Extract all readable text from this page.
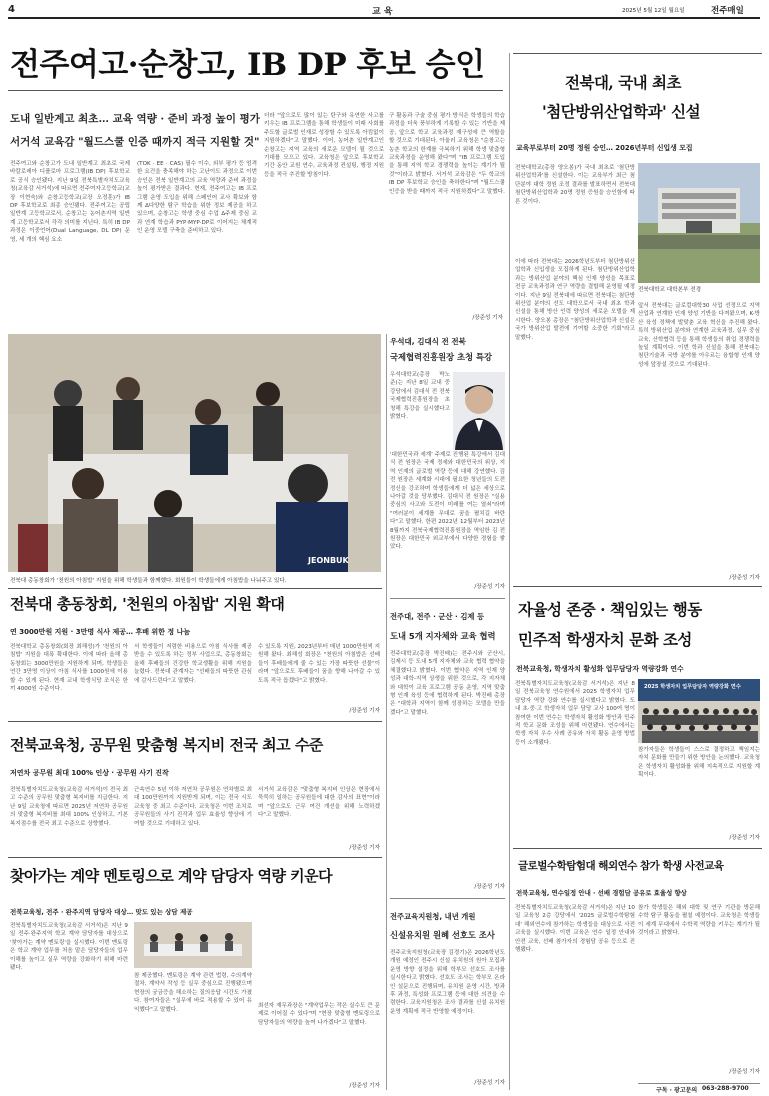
4	교 육	2025년 5월 12일 월요일	전주매일
전주여고·순창고, IB DP 후보 승인
도내 일반계고 최초… 교육 역량 · 준비 과정 높이 평가
서거석 교육감 "월드스쿨 인증 때까지 적극 지원할 것"
전주여고와 순창고가 도내 일반계고 최초로 국제 바칼로레아 디플로마 프로그램(IB DP) 후보학교로 공식 승인됐다. 지난 9일 전북특별자치도교육청(교육감 서거석)에 따르면 전주여자고등학교(교장 이현숙)와 순창고등학교(교장 오정훈)가 IB DP 후보학교로 최종 승인됐다. 전주여고는 공립 일반계 고등학교로서, 순창고는 농어촌지역 일반계 고등학교로서 각각 의미를 지닌다. 특히 IB DP 과정은 이중언어(Dual Language, DL DP) 운영, 세 개의 핵심 요소
(TOK · EE · CAS) 필수 이수, 외부 평가 등 엄격한 요건을 충족해야 하는 고난이도 과정으로 이번 승인은 전북 일반계고의 교육 역량과 준비 과정을 높이 평가받은 결과다. 현재, 전주여고는 IB 프로그램 운영 도입을 위해 스페인어 교사 확보와 함께 ∆다양한 탐구 학습을 위한 정보 제공을 하고 있으며, 순창고는 학생 중심 수업 ∆주제 중심 교과 연계 학습과 PYP·MYP·DP로 이어지는 체계적인 운영 모델 구축을 준비하고 있다.
더라 "앞으로도 많이 있는 탄구와 유연한 사고를 키우는 IB 프로그램을 통해 학생들이 미래 사회를 주도할 글로벌 인재로 성장할 수 있도록 아낌없이 지원하겠다"고 말했다. 이어, 농어촌 일반계고인 순창고는 지역 교육의 새로운 모델이 될 것으로 기대를 모으고 있다. 교육청은 앞으로 후보학교 기간 동안 교원 연수, 교육과정 컨설팅, 행정 지원 등을 적극 추진할 방침이다.
구 활동과 구술 중심 평가 방식은 학생들의 학습 과정을 더욱 풍부하게 기록할 수 있는 기반을 제공, 앞으로 학교 교육과정 재구성에 큰 역할을 할 것으로 기대된다. 아울러 교육청은 "순창고는 농촌 학교의 한계를 극복하기 위해 학생 맞춤형 교육과정을 운영해 왔다"며 "IB 프로그램 도입을 통해 지역 학교 경쟁력을 높이는 계기가 될 것"이라고 밝혔다. 서거석 교육감은 "두 학교의 IB DP 후보학교 승인을 축하한다"며 "월드스쿨 인증을 받을 때까지 적극 지원하겠다"고 말했다.
/장준성 기자
JEONBUK
전북대 총동창회가 '천원의 아침밥' 지원을 위해 학생들과 함께했다. 회원들이 학생들에게 아침밥을 나눠주고 있다.
전북대 총동창회, '천원의 아침밥' 지원 확대
연 3000만원 지원 · 3만명 식사 제공… 후배 위한 정 나눔
전북대학교 총동창회(회장 최해성)가 '천원의 아침밥' 지원을 대폭 확대한다. 이에 따라 올해 총동창회는 3000만원을 지원하게 되며, 학생들은 연간 3만명 이상이 아침 식사를 1000원에 이용할 수 있게 된다. 현재 교내 학생식당 조식은 한 끼 4000원 수준이다.
서 학생들이 저렴한 비용으로 아침 식사를 제공받을 수 있도록 하는 정부 사업으로, 총동창회는 올해 후배들의 건강한 학교생활을 위해 지원을 늘렸다. 전북대 관계자는 "선배들의 따뜻한 관심에 감사드린다"고 말했다.
수 있도록 지원, 2023년부터 매년 1000만원씩 지원해 왔다. 최해성 회장은 "천원의 아침밥은 선배들이 후배들에게 줄 수 있는 가장 따뜻한 선물"이라며 "앞으로도 후배들이 꿈을 향해 나아갈 수 있도록 적극 돕겠다"고 밝혔다.
/장준성 기자
전북교육청, 공무원 맞춤형 복지비 전국 최고 수준
저연차 공무원 최대 100% 인상 · 공무원 사기 진작
전북특별자치도교육청(교육감 서거석)이 전국 최고 수준의 공무원 맞춤형 복지비를 지급한다. 지난 9일 교육청에 따르면 2025년 저연차 공무원의 맞춤형 복지비를 최대 100% 인상하고, 기본 복지점수를 전국 최고 수준으로 상향했다.
근속연수 5년 이하 저연차 공무원은 연차별로 최대 100만원까지 지원받게 되며, 이는 전국 시도교육청 중 최고 수준이다. 교육청은 이번 조치로 공무원들의 사기 진작과 업무 효율성 향상에 기여할 것으로 기대하고 있다.
서거석 교육감은 "맞춤형 복지비 인상은 현장에서 묵묵히 일하는 공무원들에 대한 감사의 표현"이라며 "앞으로도 근무 여건 개선을 위해 노력하겠다"고 말했다.
/장준성 기자
찾아가는 계약 멘토링으로 계약 담당자 역량 키운다
전북교육청, 전주 · 완주지역 담당자 대상… 맞도 있는 상담 제공
전북특별자치도교육청(교육감 서거석)은 지난 9일 전주·완주지역 학교 계약 담당자를 대상으로 '찾아가는 계약 멘토링'을 실시했다. 이번 멘토링은 학교 계약 업무를 처음 맡은 담당자들의 업무 이해를 높이고 실무 역량을 강화하기 위해 마련됐다.
참 제공했다. 멘토링은 계약 관련 법령, 수의계약 절차, 계약서 작성 등 실무 중심으로 진행됐으며 현장의 궁금증을 해소하는 질의응답 시간도 가졌다. 참여자들은 "실무에 바로 적용할 수 있어 유익했다"고 말했다.
최선자 재무과장은 "계약업무는 작은 실수도 큰 문제로 이어질 수 있다"며 "현장 맞춤형 멘토링으로 담당자들의 역량을 높여 나가겠다"고 말했다.
/장준성 기자
우석대, 김대식 전 전북
국제협력진흥원장 초청 특강
우석대학교(총장 박노준)는 지난 8일 교내 중강당에서 김대식 전 전북국제협력진흥원장을 초청해 특강을 실시했다고 밝혔다.
'대한민국과 세계' 주제로 진행된 특강에서 김대식 전 원장은 국제 정세와 대한민국의 위상, 지역 인재의 글로벌 역량 등에 대해 강연했다. 김 전 원장은 세계화 시대에 필요한 청년들의 도전 정신을 강조하며 학생들에게 더 넓은 세상으로 나아갈 것을 당부했다. 김대식 전 원장은 "실용 중심의 사고와 도전이 미래를 여는 열쇠"라며 "여러분이 세계를 무대로 꿈을 펼치길 바란다"고 말했다. 한편 2022년 12월부터 2023년 8월까지 전북국제협력진흥원장을 역임한 김 전 원장은 대한민국 외교부에서 다양한 경험을 쌓았다.
/장준성 기자
전주대, 전주 · 군산 · 김제 등
도내 5개 지자체와 교육 협력
전주대학교(총장 박진배)는 전주시와 군산시, 김제시 등 도내 5개 지자체와 교육 협력 협약을 체결했다고 밝혔다. 이번 협약은 지역 인재 양성과 대학-지역 상생을 위한 것으로, 각 지자체와 대학이 교육 프로그램 공동 운영, 지역 맞춤형 인재 육성 등에 협력하게 된다. 박진배 총장은 "대학과 지역이 함께 성장하는 모델을 만들겠다"고 말했다.
/장준성 기자
전주교육지원청, 내년 개원
신설유치원 원혜 선호도 조사
전주교육지원청(교육장 김경기)은 2026학년도 개원 예정인 전주시 신설 유치원의 원아 모집과 운영 방향 설정을 위해 학부모 선호도 조사를 실시한다고 밝혔다. 선호도 조사는 학부모 온라인 설문으로 진행되며, 유치원 운영 시간, 방과후 과정, 특성화 프로그램 등에 대한 의견을 수렴한다. 교육지원청은 조사 결과를 신설 유치원 운영 계획에 적극 반영할 예정이다.
/장준성 기자
전북대, 국내 최초
'첨단방위산업학과' 신설
교육부로부터 20명 정원 승인… 2026년부터 신입생 모집
전북대학교(총장 양오봉)가 국내 최초로 '첨단방위산업학과'를 신설한다. 이는 교육부가 최근 첨단분야 대학 정원 조정 결과를 발표하면서 전북대 첨단방위산업학과 20명 정원 증원을 승인함에 따른 것이다.
이에 따라 전북대는 2026학년도부터 첨단방위산업학과 신입생을 모집하게 된다. 첨단방위산업학과는 방위산업 분야의 핵심 인재 양성을 목표로 전공 교육과정과 연구 역량을 결합해 운영될 예정이다. 지난 9일 전북대에 따르면 전북대는 첨단방위산업 분야의 선도 대학으로서 국내 최초 학과 신설을 통해 방산 인력 양성의 새로운 모델을 제시한다. 양오봉 총장은 "첨단방위산업학과 신설은 국가 방위산업 발전에 기여할 소중한 기회"라고 말했다.
전북대학교 대학본부 전경
앞서 전북대는 글로컬대학30 사업 선정으로 지역 산업과 연계한 인재 양성 기반을 다져왔으며, K-방산 육성 정책에 발맞춘 교육 혁신을 추진해 왔다. 특히 방위산업 분야와 연계한 교육과정, 실무 중심 교육, 산학협력 등을 통해 학생들의 취업 경쟁력을 높일 계획이다. 이번 학과 신설을 통해 전북대는 첨단기술과 국방 분야를 아우르는 융합형 인재 양성에 앞장설 것으로 기대된다.
/장준성 기자
자율성 존중 · 책임있는 행동
민주적 학생자치 문화 조성
전북교육청, 학생자치 활성화 업무담당자 역량강화 연수
전북특별자치도교육청(교육감 서거석)은 지난 8일 전북교육청 연수원에서 2025 학생자치 업무담당자 역량 강화 연수를 실시했다고 밝혔다. 도내 초·중·고 학생자치 업무 담당 교사 100여 명이 참여한 이번 연수는 학생자치 활성화 방안과 민주적 학교 문화 조성을 위해 마련됐다. 연수에서는 학생 자치 우수 사례 공유와 자치 활동 운영 방법 등이 소개됐다.
2025 학생자치 업무담당자 역량강화 연수
참가자들은 학생들이 스스로 결정하고 책임지는 자치 문화를 만들기 위한 방안을 논의했다. 교육청은 학생자치 활성화를 위해 지속적으로 지원할 계획이다.
/장준성 기자
글로벌수학탐험대 해외연수 참가 학생 사전교육
전북교육청, 연수일정 안내 · 선배 경험담 공유로 효율성 향상
전북특별자치도교육청(교육감 서거석)은 지난 10일 교육청 2층 강당에서 '2025 글로벌수학탐험대' 해외연수에 참가하는 학생들을 대상으로 사전교육을 실시했다. 이번 교육은 연수 일정 안내와 안전 교육, 선배 참가자의 경험담 공유 등으로 진행됐다.
참가 학생들은 해외 대학 및 연구 기관을 방문해 수학 탐구 활동을 펼칠 예정이다. 교육청은 학생들이 세계 무대에서 수학적 역량을 키우는 계기가 될 것이라고 밝혔다.
/장준성 기자
구독 · 광고문의 063-288-9700
